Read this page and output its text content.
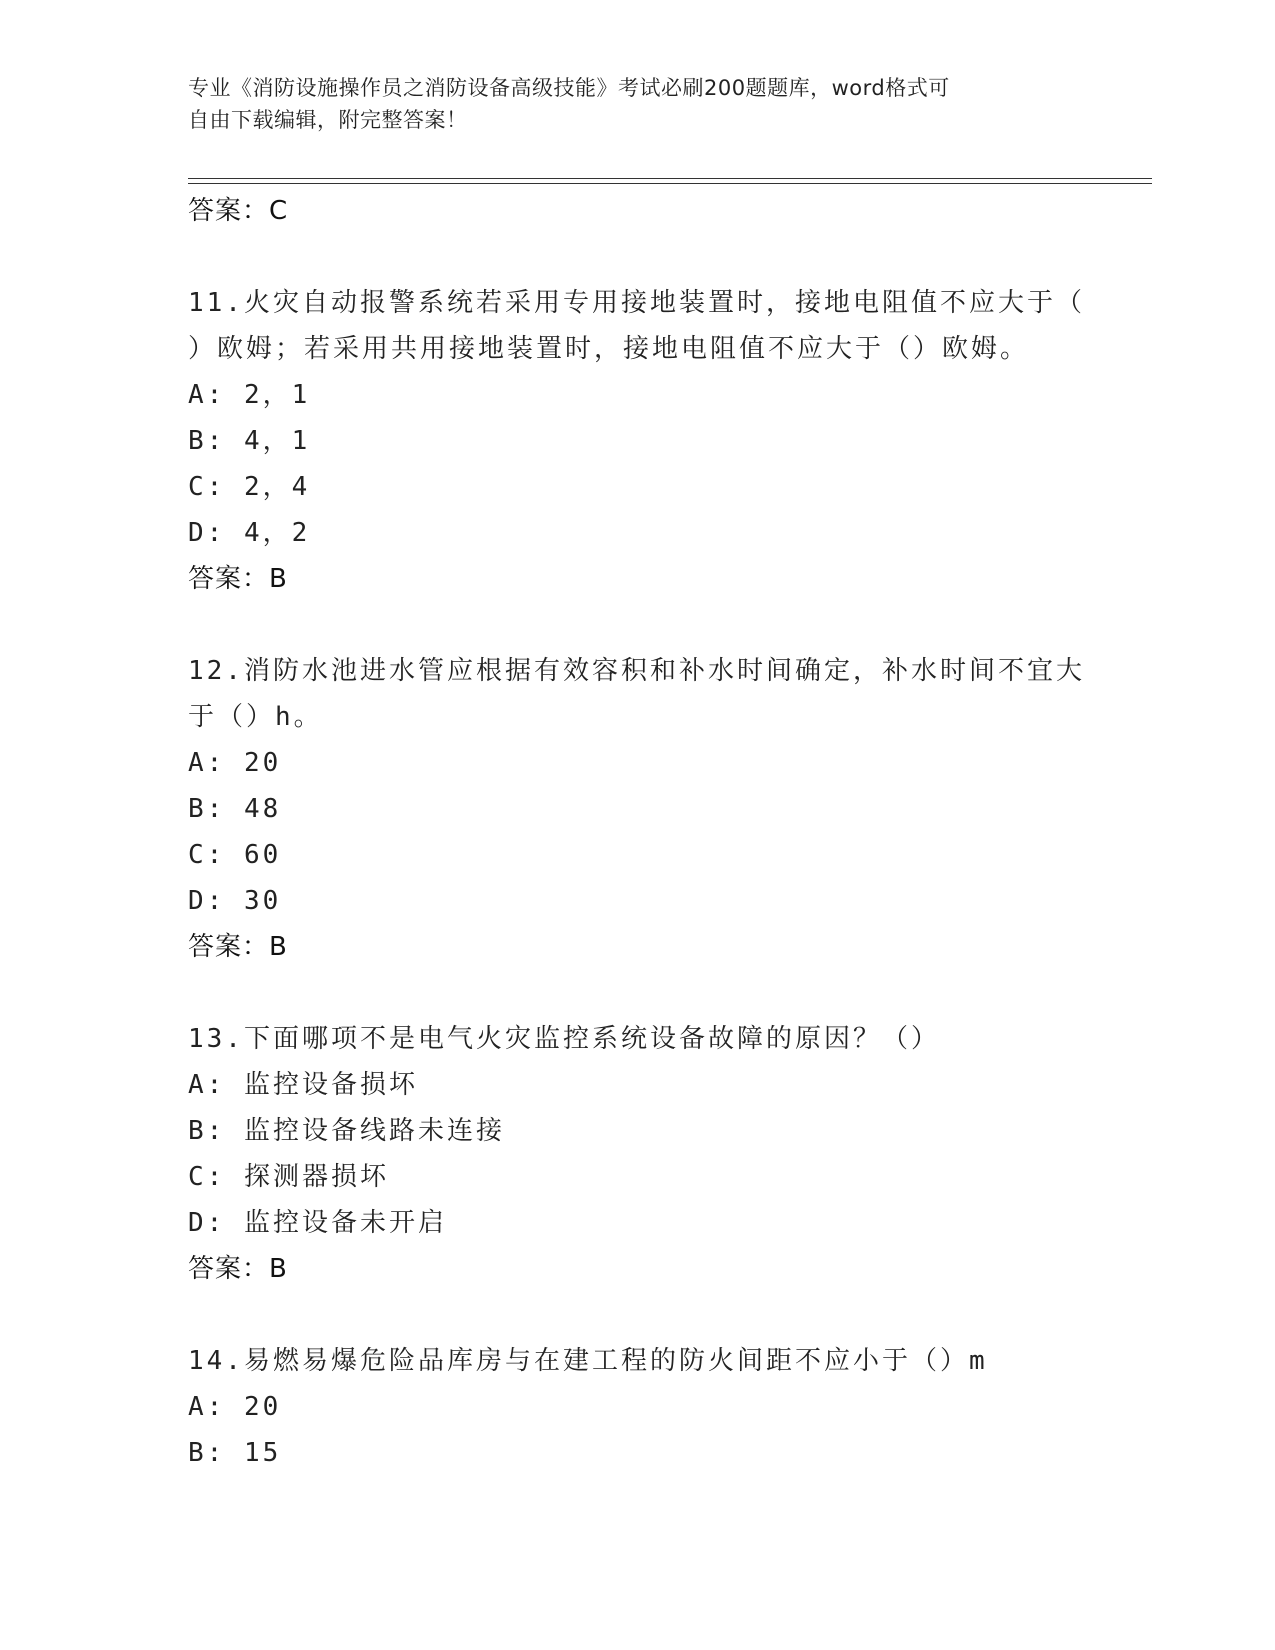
专业《消防设施操作员之消防设备高级技能》考试必刷200题题库，word格式可
自由下载编辑，附完整答案！
答案：C
11.火灾自动报警系统若采用专用接地装置时，接地电阻值不应大于（
）欧姆；若采用共用接地装置时，接地电阻值不应大于（）欧姆。
A: 2，1
B: 4，1
C: 2，4
D: 4，2
答案：B
12.消防水池进水管应根据有效容积和补水时间确定，补水时间不宜大
于（）h。
A: 20
B: 48
C: 60
D: 30
答案：B
13.下面哪项不是电气火灾监控系统设备故障的原因？（）
A: 监控设备损坏
B: 监控设备线路未连接
C: 探测器损坏
D: 监控设备未开启
答案：B
14.易燃易爆危险品库房与在建工程的防火间距不应小于（）m
A: 20
B: 15
